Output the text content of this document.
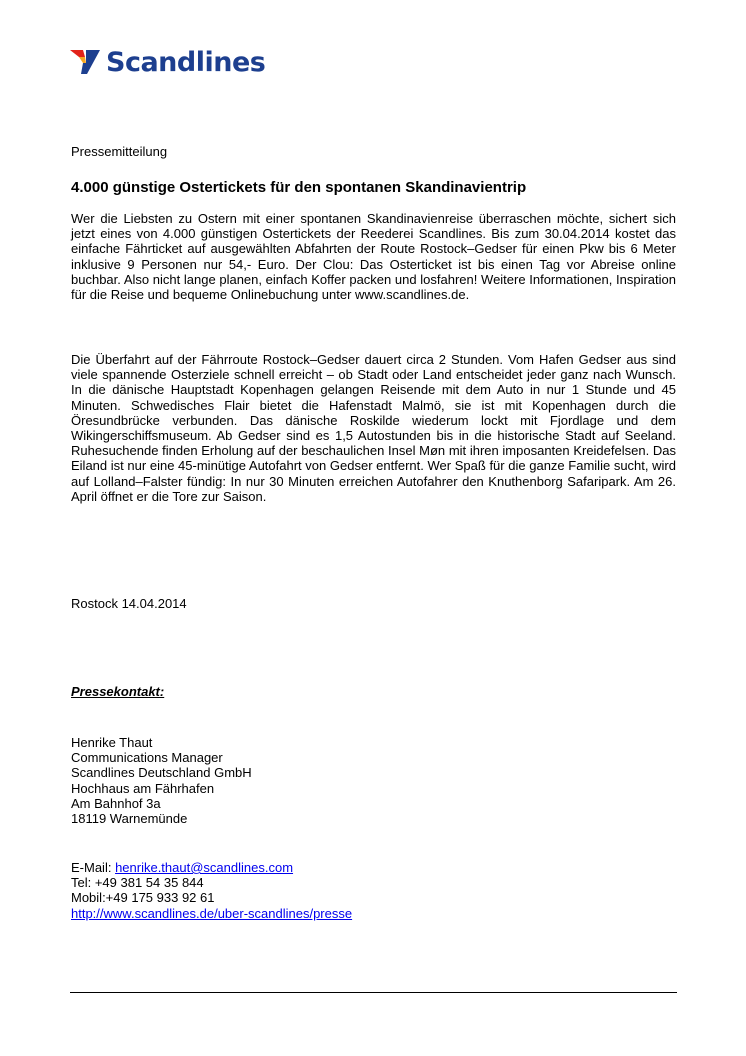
Scandlines

Pressemitteilung

4.000 günstige Ostertickets für den spontanen Skandinavientrip

Wer die Liebsten zu Ostern mit einer spontanen Skandinavienreise überraschen möchte, sichert sich jetzt eines von 4.000 günstigen Ostertickets der Reederei Scandlines. Bis zum 30.04.2014 kostet das einfache Fährticket auf ausgewählten Abfahrten der Route Rostock–Gedser für einen Pkw bis 6 Meter inklusive 9 Personen nur 54,- Euro. Der Clou: Das Osterticket ist bis einen Tag vor Abreise online buchbar. Also nicht lange planen, einfach Koffer packen und losfahren! Weitere Informationen, Inspiration für die Reise und bequeme Onlinebuchung unter www.scandlines.de.

Die Überfahrt auf der Fährroute Rostock–Gedser dauert circa 2 Stunden. Vom Hafen Gedser aus sind viele spannende Osterziele schnell erreicht – ob Stadt oder Land entscheidet jeder ganz nach Wunsch. In die dänische Hauptstadt Kopenhagen gelangen Reisende mit dem Auto in nur 1 Stunde und 45 Minuten. Schwedisches Flair bietet die Hafenstadt Malmö, sie ist mit Kopenhagen durch die Öresundbrücke verbunden. Das dänische Roskilde wiederum lockt mit Fjordlage und dem Wikingerschiffsmuseum. Ab Gedser sind es 1,5 Autostunden bis in die historische Stadt auf Seeland. Ruhesuchende finden Erholung auf der beschaulichen Insel Møn mit ihren imposanten Kreidefelsen. Das Eiland ist nur eine 45-minütige Autofahrt von Gedser entfernt. Wer Spaß für die ganze Familie sucht, wird auf Lolland–Falster fündig: In nur 30 Minuten erreichen Autofahrer den Knuthenborg Safaripark. Am 26. April öffnet er die Tore zur Saison.

Rostock 14.04.2014

Pressekontakt:

Henrike Thaut
Communications Manager
Scandlines Deutschland GmbH
Hochhaus am Fährhafen
Am Bahnhof 3a
18119 Warnemünde
E-Mail: henrike.thaut@scandlines.com
Tel: +49 381 54 35 844
Mobil:+49 175 933 92 61
http://www.scandlines.de/uber-scandlines/presse
